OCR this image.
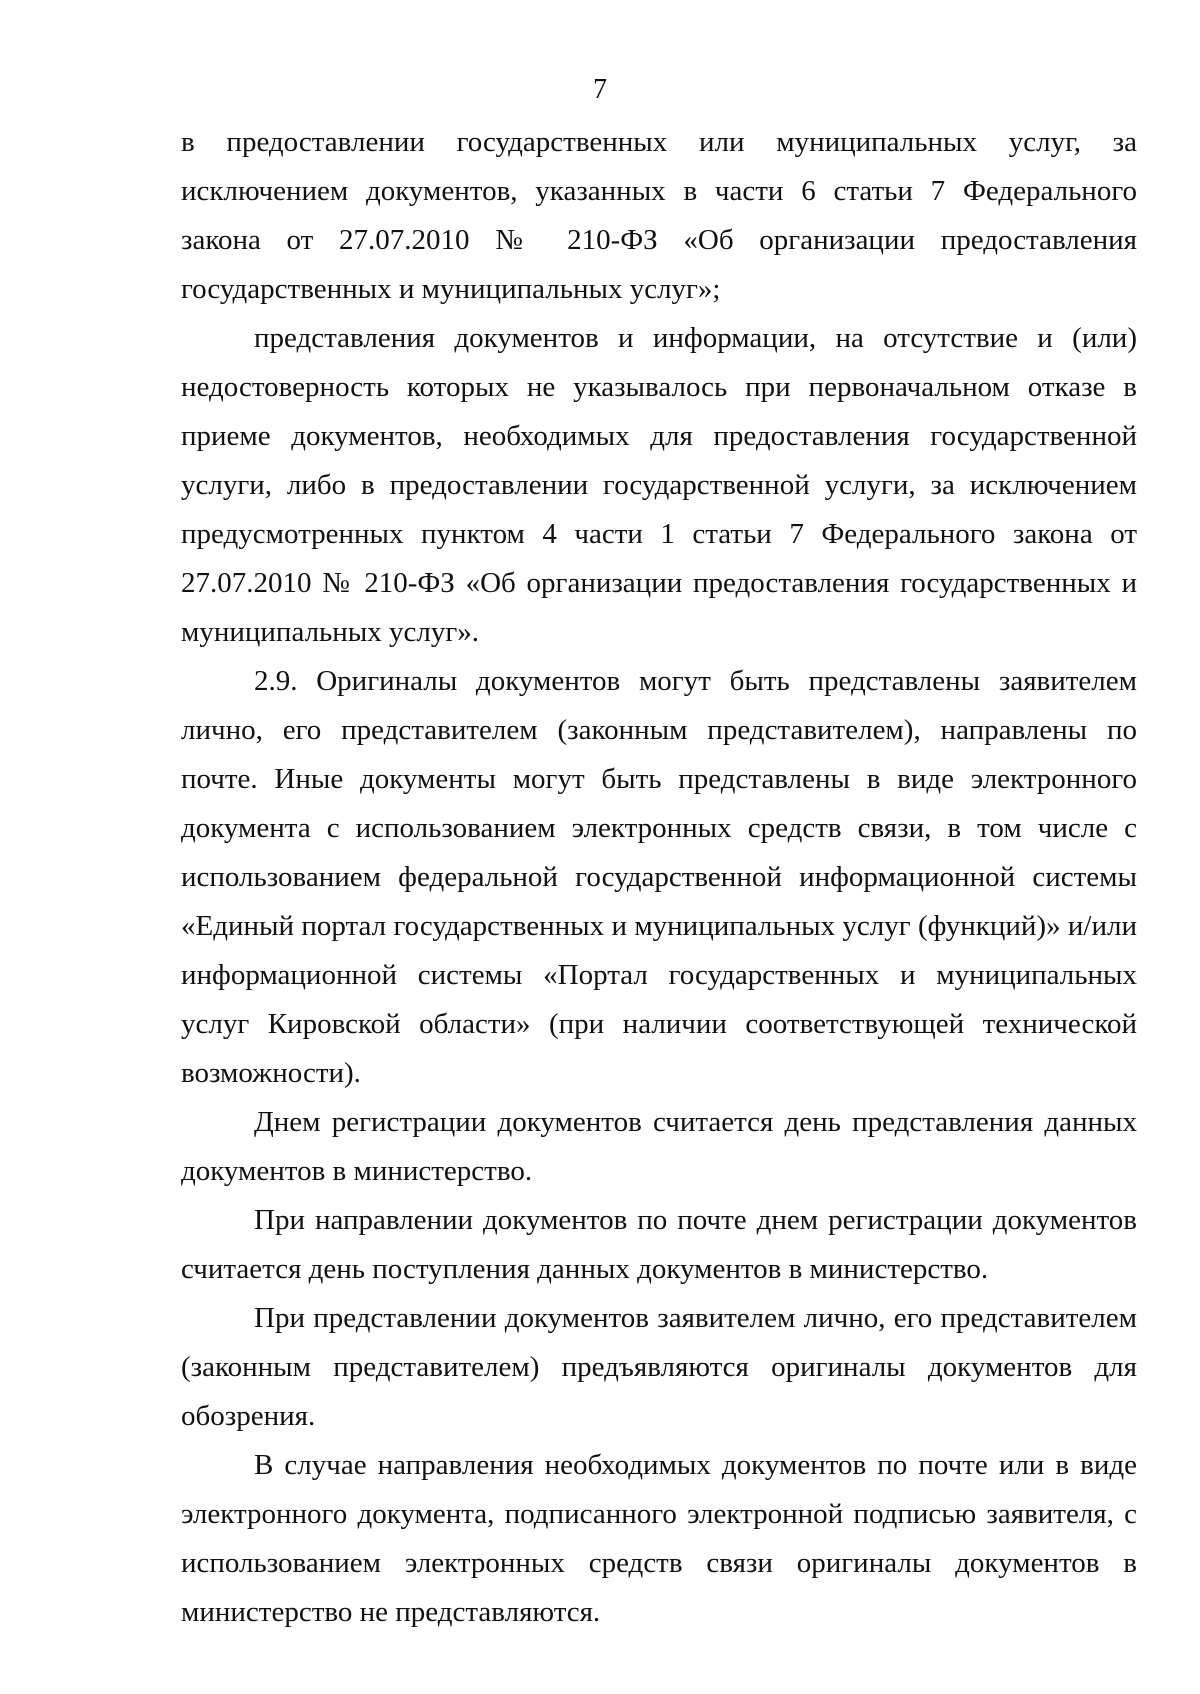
7

в предоставлении государственных или муниципальных услуг, за исключением документов, указанных в части 6 статьи 7 Федерального закона от 27.07.2010 № 210-ФЗ «Об организации предоставления государственных и муниципальных услуг»;

представления документов и информации, на отсутствие и (или) недостоверность которых не указывалось при первоначальном отказе в приеме документов, необходимых для предоставления государственной услуги, либо в предоставлении государственной услуги, за исключением предусмотренных пунктом 4 части 1 статьи 7 Федерального закона от 27.07.2010 № 210-ФЗ «Об организации предоставления государственных и муниципальных услуг».

2.9. Оригиналы документов могут быть представлены заявителем лично, его представителем (законным представителем), направлены по почте. Иные документы могут быть представлены в виде электронного документа с использованием электронных средств связи, в том числе с использованием федеральной государственной информационной системы «Единый портал государственных и муниципальных услуг (функций)» и/или информационной системы «Портал государственных и муниципальных услуг Кировской области» (при наличии соответствующей технической возможности).

Днем регистрации документов считается день представления данных документов в министерство.

При направлении документов по почте днем регистрации документов считается день поступления данных документов в министерство.

При представлении документов заявителем лично, его представителем (законным представителем) предъявляются оригиналы документов для обозрения.

В случае направления необходимых документов по почте или в виде электронного документа, подписанного электронной подписью заявителя, с использованием электронных средств связи оригиналы документов в министерство не представляются.
